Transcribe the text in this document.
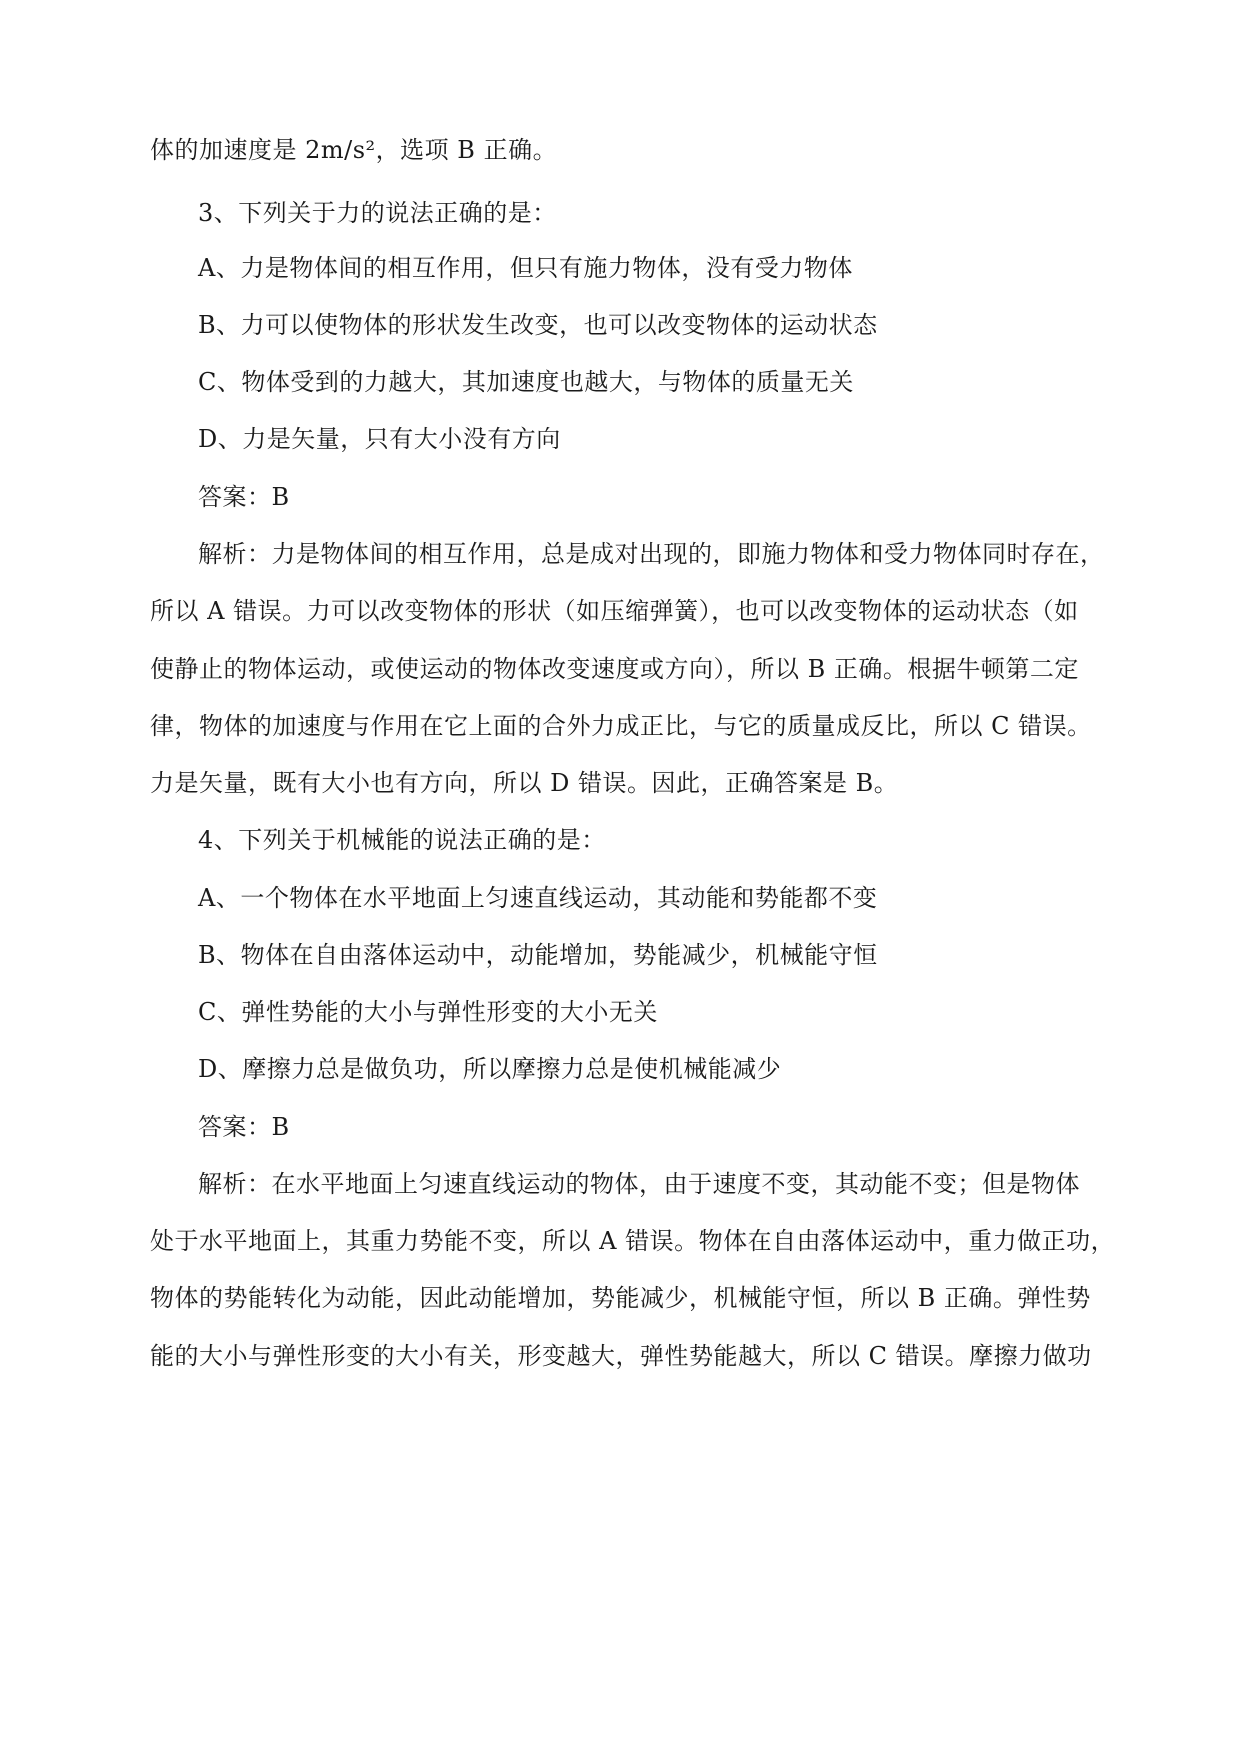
体的加速度是 2m/s²，选项 B 正确。
3、下列关于力的说法正确的是：
A、力是物体间的相互作用，但只有施力物体，没有受力物体
B、力可以使物体的形状发生改变，也可以改变物体的运动状态
C、物体受到的力越大，其加速度也越大，与物体的质量无关
D、力是矢量，只有大小没有方向
答案：B
解析：力是物体间的相互作用，总是成对出现的，即施力物体和受力物体同时存在，
所以 A 错误。力可以改变物体的形状（如压缩弹簧），也可以改变物体的运动状态（如
使静止的物体运动，或使运动的物体改变速度或方向），所以 B 正确。根据牛顿第二定
律，物体的加速度与作用在它上面的合外力成正比，与它的质量成反比，所以 C 错误。
力是矢量，既有大小也有方向，所以 D 错误。因此，正确答案是 B。
4、下列关于机械能的说法正确的是：
A、一个物体在水平地面上匀速直线运动，其动能和势能都不变
B、物体在自由落体运动中，动能增加，势能减少，机械能守恒
C、弹性势能的大小与弹性形变的大小无关
D、摩擦力总是做负功，所以摩擦力总是使机械能减少
答案：B
解析：在水平地面上匀速直线运动的物体，由于速度不变，其动能不变；但是物体
处于水平地面上，其重力势能不变，所以 A 错误。物体在自由落体运动中，重力做正功，
物体的势能转化为动能，因此动能增加，势能减少，机械能守恒，所以 B 正确。弹性势
能的大小与弹性形变的大小有关，形变越大，弹性势能越大，所以 C 错误。摩擦力做功
